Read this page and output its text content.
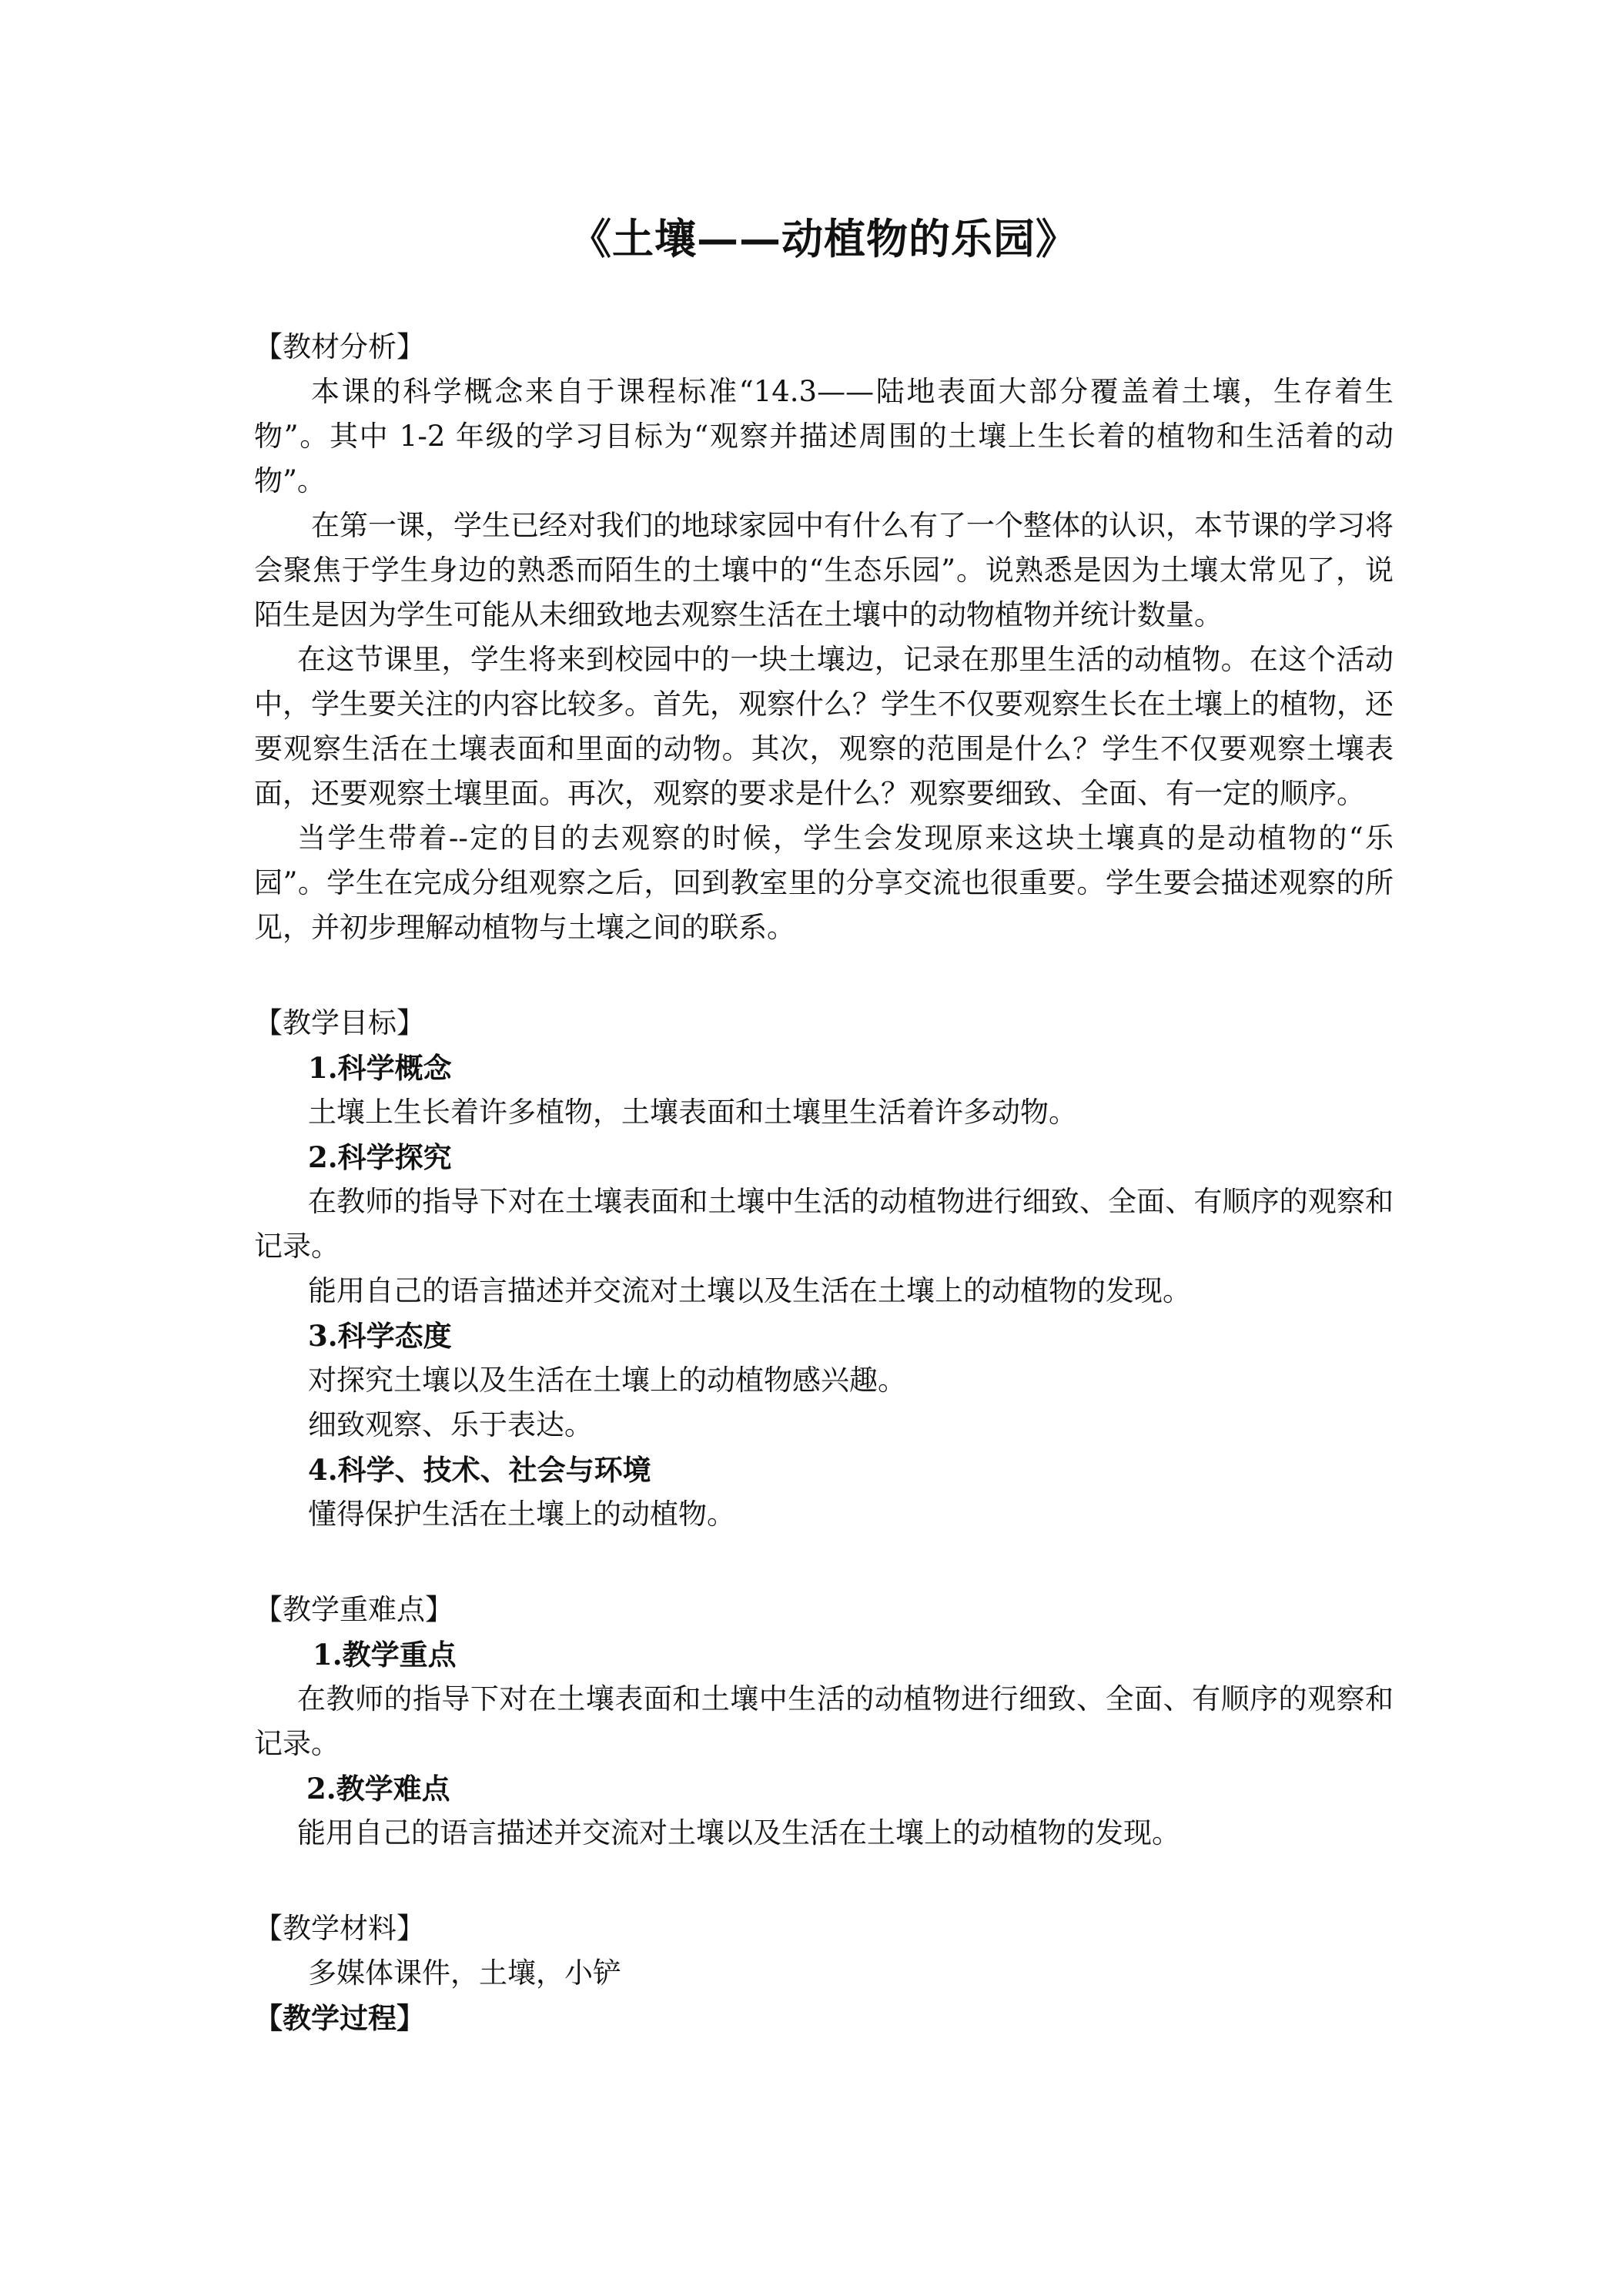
《土壤——动植物的乐园》

【教材分析】

本课的科学概念来自于课程标准“14.3——陆地表面大部分覆盖着土壤，生存着生物”。其中 1-2 年级的学习目标为“观察并描述周围的土壤上生长着的植物和生活着的动物”。

在第一课，学生已经对我们的地球家园中有什么有了一个整体的认识，本节课的学习将会聚焦于学生身边的熟悉而陌生的土壤中的“生态乐园”。说熟悉是因为土壤太常见了，说陌生是因为学生可能从未细致地去观察生活在土壤中的动物植物并统计数量。

在这节课里，学生将来到校园中的一块土壤边，记录在那里生活的动植物。在这个活动中，学生要关注的内容比较多。首先，观察什么？学生不仅要观察生长在土壤上的植物，还要观察生活在土壤表面和里面的动物。其次，观察的范围是什么？学生不仅要观察土壤表面，还要观察土壤里面。再次，观察的要求是什么？观察要细致、全面、有一定的顺序。

当学生带着--定的目的去观察的时候，学生会发现原来这块土壤真的是动植物的“乐园”。学生在完成分组观察之后，回到教室里的分享交流也很重要。学生要会描述观察的所见，并初步理解动植物与土壤之间的联系。

【教学目标】

1.科学概念

土壤上生长着许多植物，土壤表面和土壤里生活着许多动物。

2.科学探究

在教师的指导下对在土壤表面和土壤中生活的动植物进行细致、全面、有顺序的观察和记录。

能用自己的语言描述并交流对土壤以及生活在土壤上的动植物的发现。

3.科学态度

对探究土壤以及生活在土壤上的动植物感兴趣。

细致观察、乐于表达。

4.科学、技术、社会与环境

懂得保护生活在土壤上的动植物。

【教学重难点】

1.教学重点

在教师的指导下对在土壤表面和土壤中生活的动植物进行细致、全面、有顺序的观察和记录。

2.教学难点

能用自己的语言描述并交流对土壤以及生活在土壤上的动植物的发现。

【教学材料】

多媒体课件，土壤，小铲

【教学过程】
